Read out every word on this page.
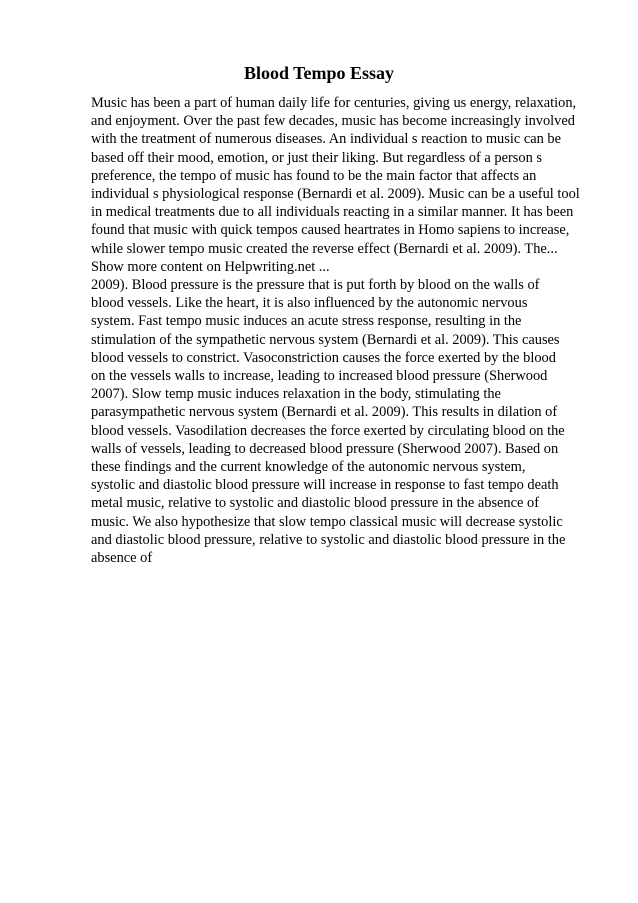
Blood Tempo Essay
Music has been a part of human daily life for centuries, giving us energy, relaxation,
and enjoyment. Over the past few decades, music has become increasingly involved
with the treatment of numerous diseases. An individual s reaction to music can be
based off their mood, emotion, or just their liking. But regardless of a person s
preference, the tempo of music has found to be the main factor that affects an
individual s physiological response (Bernardi et al. 2009). Music can be a useful tool
in medical treatments due to all individuals reacting in a similar manner. It has been
found that music with quick tempos caused heartrates in Homo sapiens to increase,
while slower tempo music created the reverse effect (Bernardi et al. 2009). The...
Show more content on Helpwriting.net ...
2009). Blood pressure is the pressure that is put forth by blood on the walls of
blood vessels. Like the heart, it is also influenced by the autonomic nervous
system. Fast tempo music induces an acute stress response, resulting in the
stimulation of the sympathetic nervous system (Bernardi et al. 2009). This causes
blood vessels to constrict. Vasoconstriction causes the force exerted by the blood
on the vessels walls to increase, leading to increased blood pressure (Sherwood
2007). Slow temp music induces relaxation in the body, stimulating the
parasympathetic nervous system (Bernardi et al. 2009). This results in dilation of
blood vessels. Vasodilation decreases the force exerted by circulating blood on the
walls of vessels, leading to decreased blood pressure (Sherwood 2007). Based on
these findings and the current knowledge of the autonomic nervous system,
systolic and diastolic blood pressure will increase in response to fast tempo death
metal music, relative to systolic and diastolic blood pressure in the absence of
music. We also hypothesize that slow tempo classical music will decrease systolic
and diastolic blood pressure, relative to systolic and diastolic blood pressure in the
absence of
